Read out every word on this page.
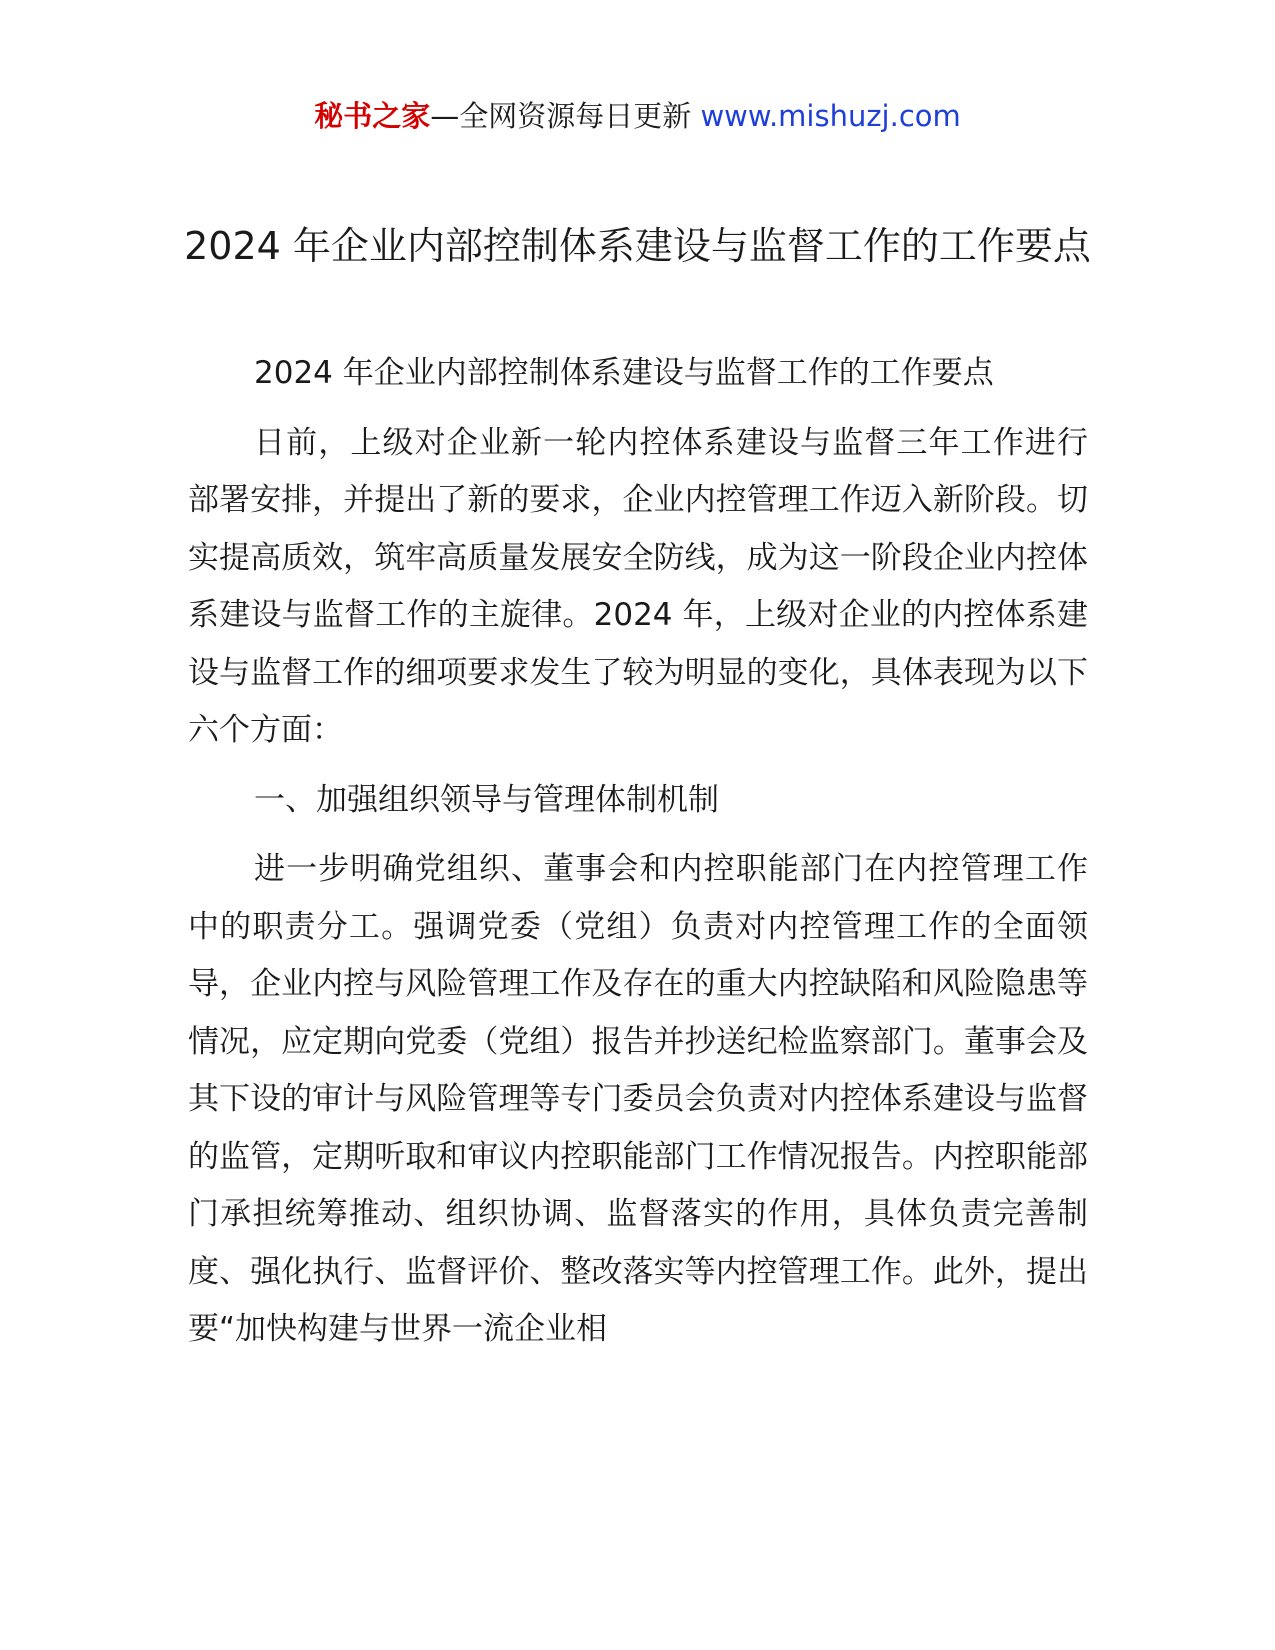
秘书之家—全网资源每日更新 www.mishuzj.com
2024 年企业内部控制体系建设与监督工作的工作要点

2024 年企业内部控制体系建设与监督工作的工作要点

日前，上级对企业新一轮内控体系建设与监督三年工作进行部署安排，并提出了新的要求，企业内控管理工作迈入新阶段。切实提高质效，筑牢高质量发展安全防线，成为这一阶段企业内控体系建设与监督工作的主旋律。2024 年，上级对企业的内控体系建设与监督工作的细项要求发生了较为明显的变化，具体表现为以下六个方面：

一、加强组织领导与管理体制机制

进一步明确党组织、董事会和内控职能部门在内控管理工作中的职责分工。强调党委（党组）负责对内控管理工作的全面领导，企业内控与风险管理工作及存在的重大内控缺陷和风险隐患等情况，应定期向党委（党组）报告并抄送纪检监察部门。董事会及其下设的审计与风险管理等专门委员会负责对内控体系建设与监督的监管，定期听取和审议内控职能部门工作情况报告。内控职能部门承担统筹推动、组织协调、监督落实的作用，具体负责完善制度、强化执行、监督评价、整改落实等内控管理工作。此外，提出要“加快构建与世界一流企业相
